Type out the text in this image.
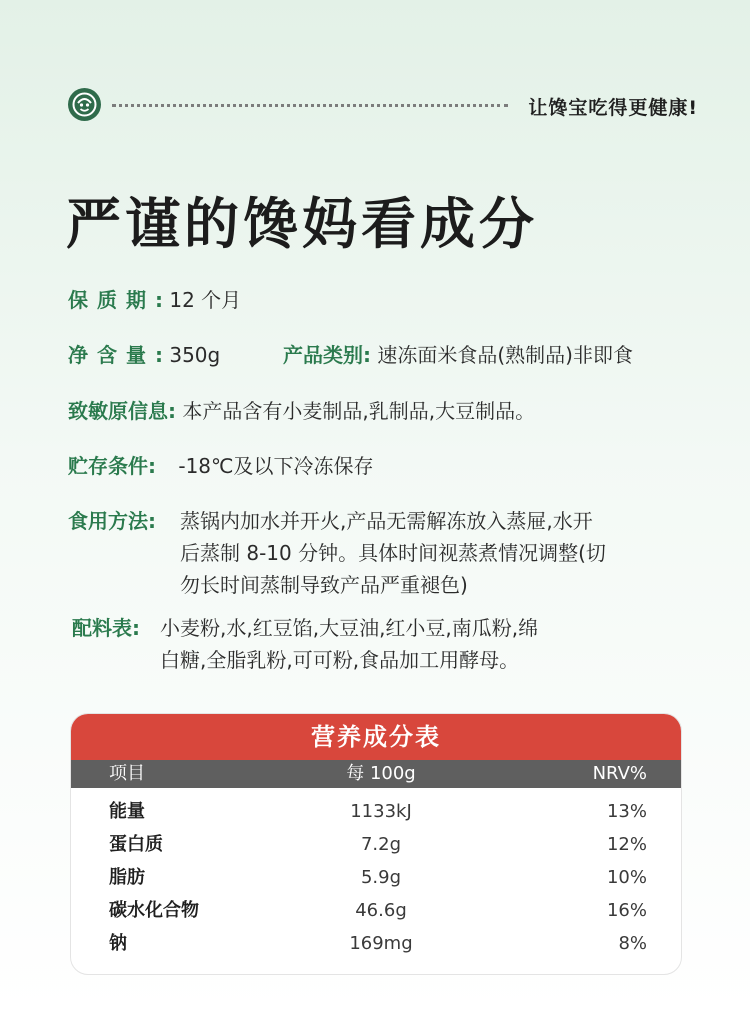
让馋宝吃得更健康!
严谨的馋妈看成分
保质期: 12 个月
净含量: 350g	产品类别: 速冻面米食品(熟制品)非即食
致敏原信息: 本产品含有小麦制品,乳制品,大豆制品。
贮存条件: -18℃及以下冷冻保存
食用方法: 蒸锅内加水并开火,产品无需解冻放入蒸屉,水开
后蒸制 8-10 分钟。具体时间视蒸煮情况调整(切
勿长时间蒸制导致产品严重褪色)
配料表: 小麦粉,水,红豆馅,大豆油,红小豆,南瓜粉,绵
白糖,全脂乳粉,可可粉,食品加工用酵母。
营养成分表
项目	每 100g	NRV%
能量	1133kJ	13%
蛋白质	7.2g	12%
脂肪	5.9g	10%
碳水化合物	46.6g	16%
钠	169mg	8%
